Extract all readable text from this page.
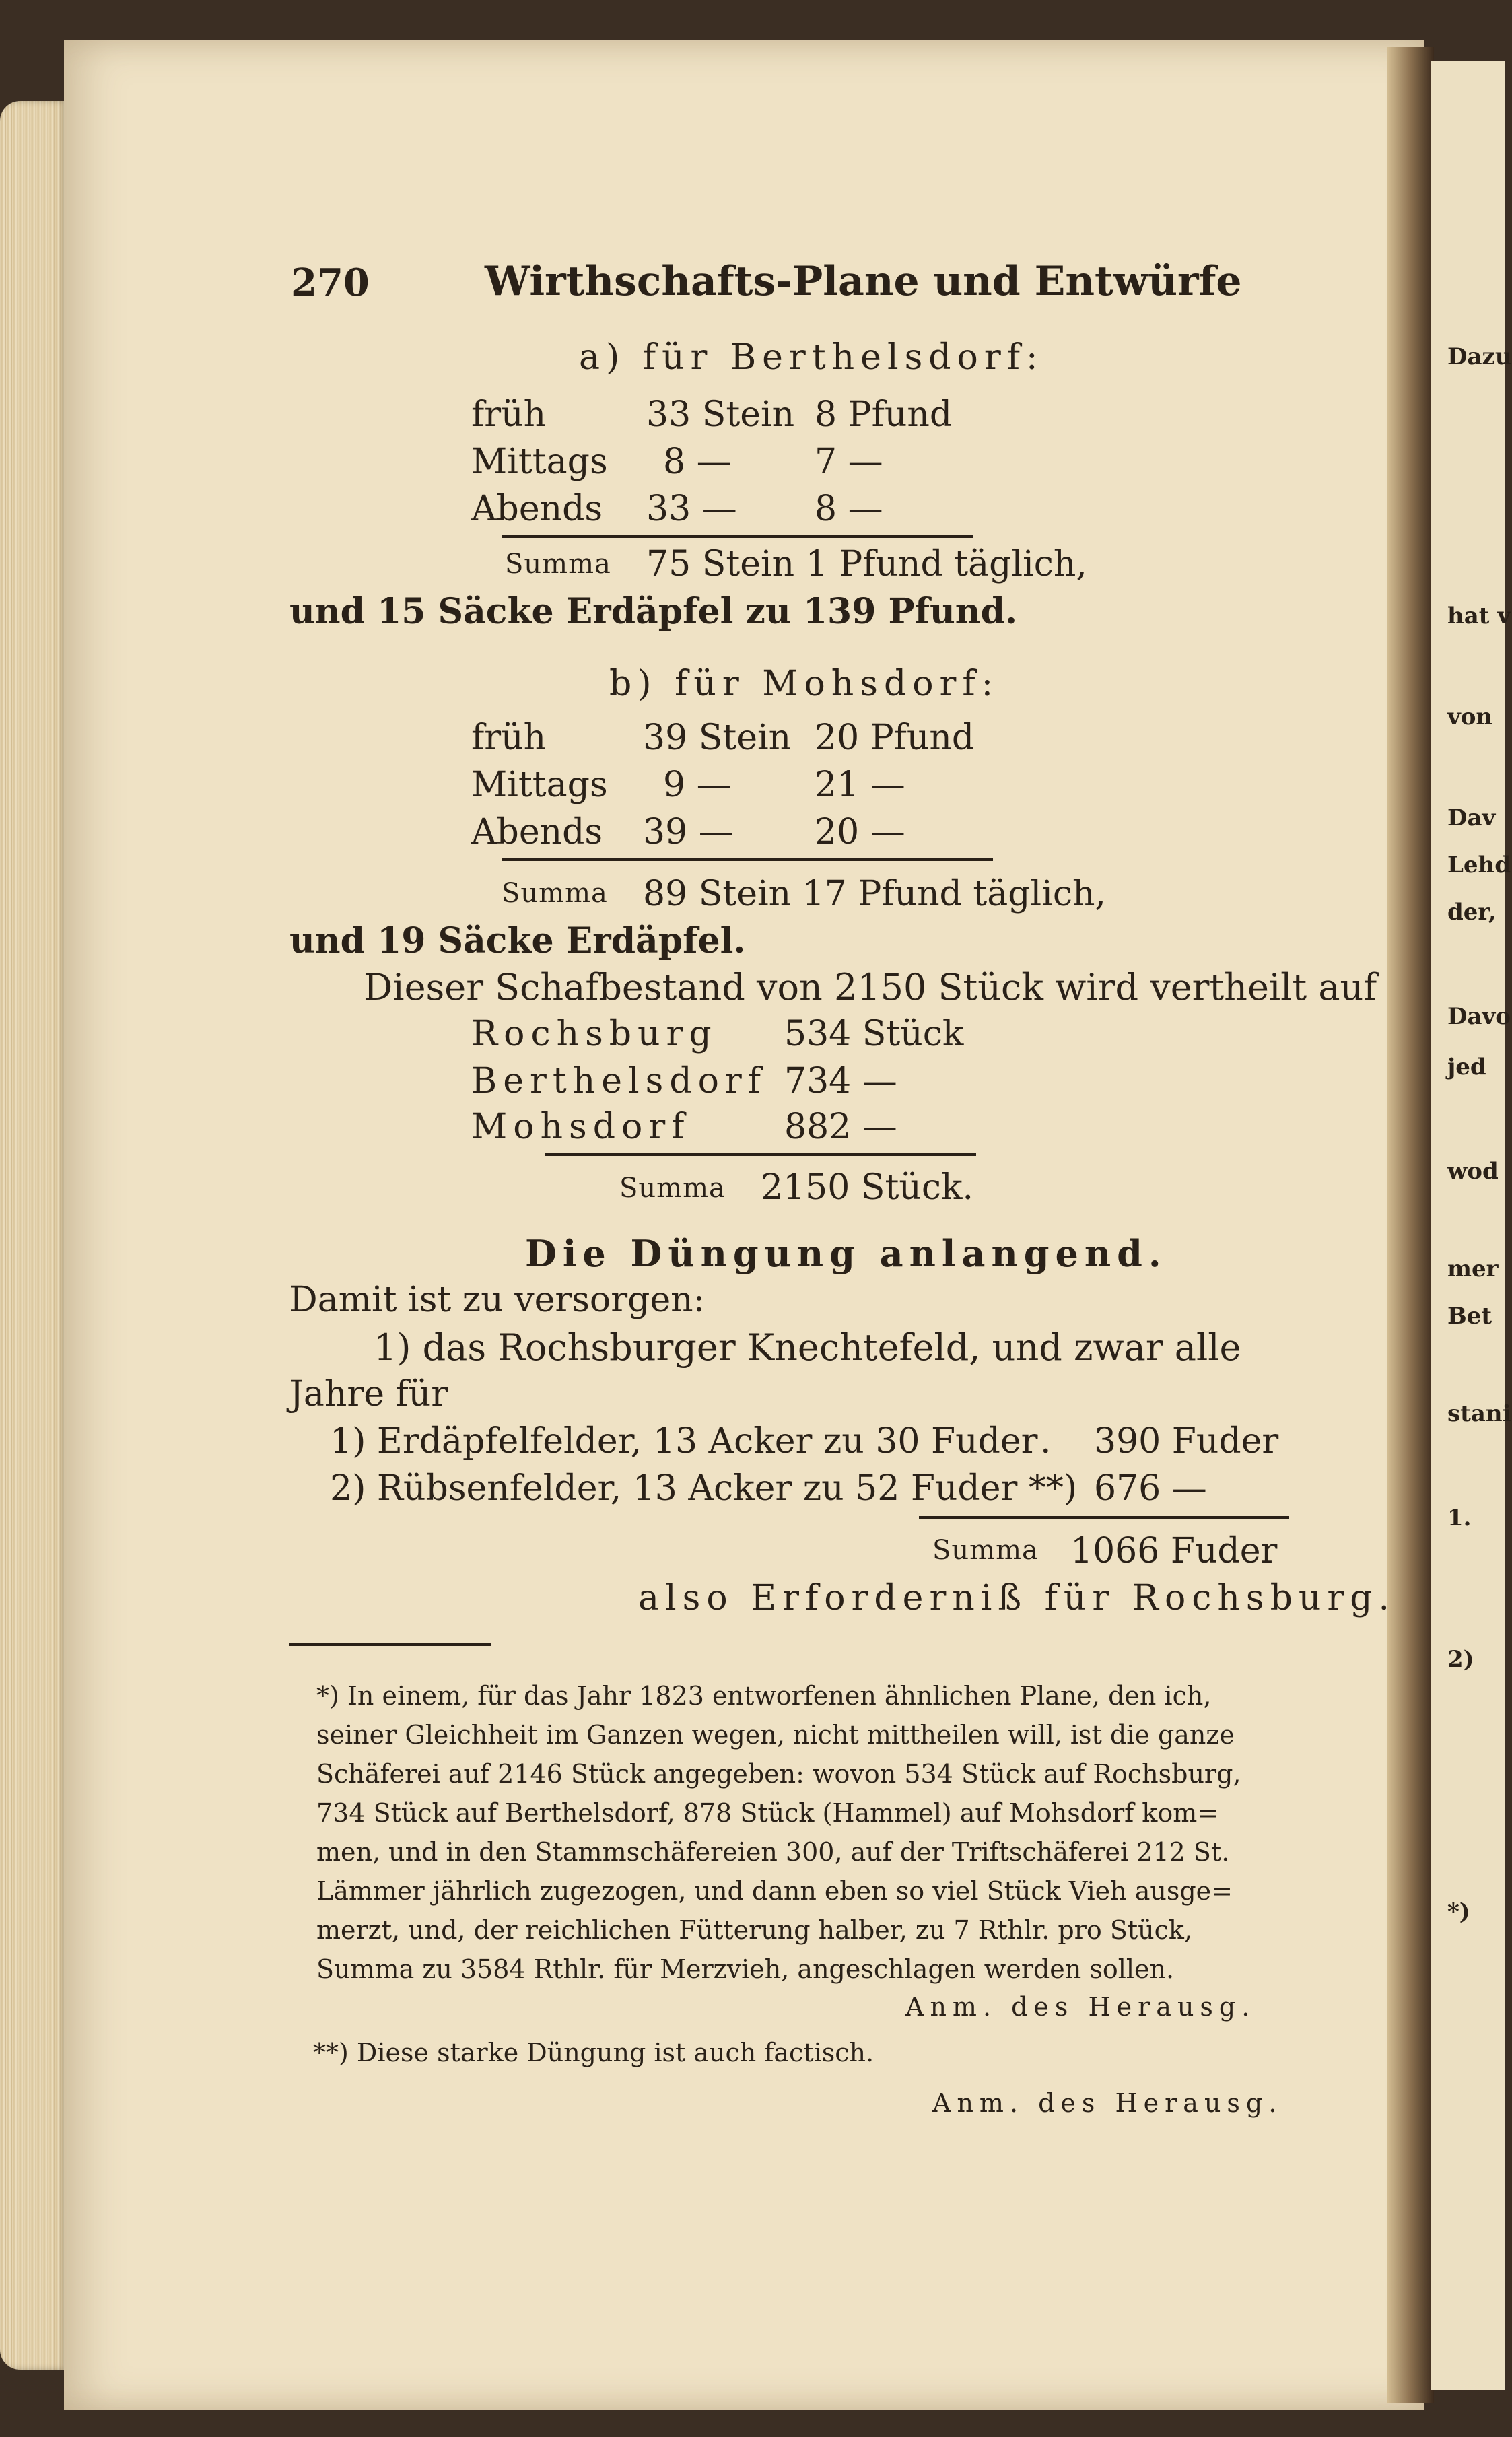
270	Wirthschafts-Plane und Entwürfe
a) für Berthelsdorf:
früh	33 Stein 8 Pfund
Mittags 8 — 7 —
Abends 33 — 8 —
Summa 75 Stein 1 Pfund täglich,
und 15 Säcke Erdäpfel zu 139 Pfund.
b) für Mohsdorf:
früh	39 Stein 20 Pfund
Mittags 9 — 21 —
Abends 39 — 20 —
Summa 89 Stein 17 Pfund täglich,
und 19 Säcke Erdäpfel.
Dieser Schafbestand von 2150 Stück wird vertheilt auf
Rochsburg 534 Stück
Berthelsdorf 734 —
Mohsdorf	882 —
Summa 2150 Stück.
Die Düngung anlangend.
Damit ist zu versorgen:
1) das Rochsburger Knechtefeld, und zwar alle
Jahre für
1) Erdäpfelfelder, 13 Acker zu 30 Fuder . 390 Fuder
2) Rübsenfelder, 13 Acker zu 52 Fuder **) 676 —
Summa 1066 Fuder
also Erforderniß für Rochsburg.
*) In einem, für das Jahr 1823 entworfenen ähnlichen Plane, den ich,
seiner Gleichheit im Ganzen wegen, nicht mittheilen will, ist die ganze
Schäferei auf 2146 Stück angegeben: wovon 534 Stück auf Rochsburg,
734 Stück auf Berthelsdorf, 878 Stück (Hammel) auf Mohsdorf kom=
men, und in den Stammschäfereien 300, auf der Triftschäferei 212 St.
Lämmer jährlich zugezogen, und dann eben so viel Stück Vieh ausge=
merzt, und, der reichlichen Fütterung halber, zu 7 Rthlr. pro Stück,
Summa zu 3584 Rthlr. für Merzvieh, angeschlagen werden sollen.
Anm. des Herausg.
**) Diese starke Düngung ist auch factisch.
Anm. des Herausg.
Dazu
hat v
von
Dav
Lehd
der,
Davo
jed
wod
mer
Bet
stani
1.
2)
*)
